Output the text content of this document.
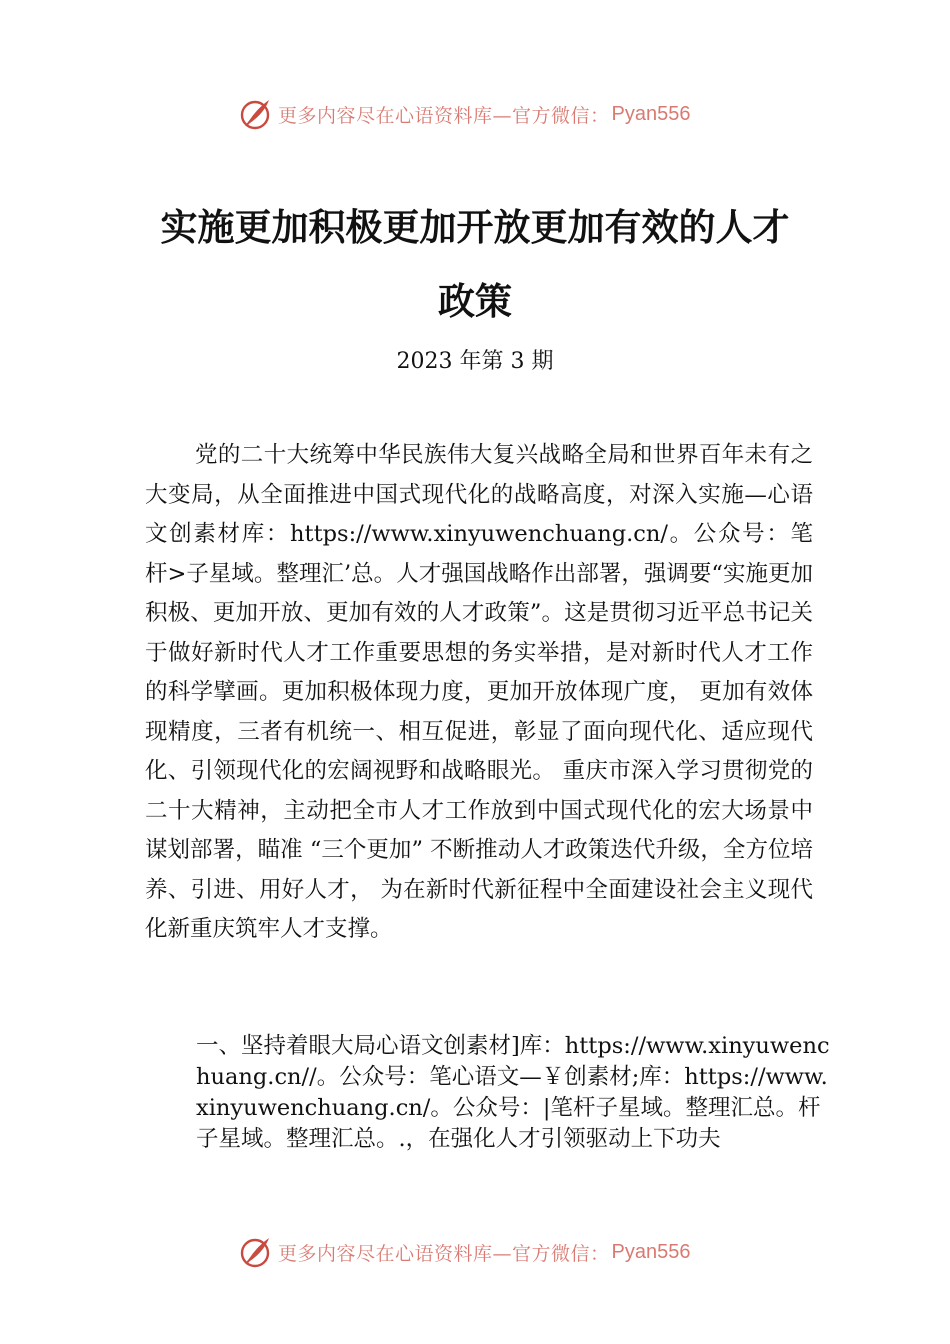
更多内容尽在心语资料库—官方微信： Pyan556
实施更加积极更加开放更加有效的人才政策
2023 年第 3 期

党的二十大统筹中华民族伟大复兴战略全局和世界百年未有之大变局，从全面推进中国式现代化的战略高度，对深入实施—心语文创素材库：https://www.xinyuwenchuang.cn/。公众号：笔杆>子星域。整理汇’总。人才强国战略作出部署，强调要“实施更加积极、更加开放、更加有效的人才政策”。这是贯彻习近平总书记关于做好新时代人才工作重要思想的务实举措，是对新时代人才工作的科学擘画。更加积极体现力度，更加开放体现广度， 更加有效体现精度，三者有机统一、相互促进，彰显了面向现代化、适应现代化、引领现代化的宏阔视野和战略眼光。 重庆市深入学习贯彻党的二十大精神，主动把全市人才工作放到中国式现代化的宏大场景中谋划部署，瞄准 “三个更加” 不断推动人才政策迭代升级，全方位培养、引进、用好人才， 为在新时代新征程中全面建设社会主义现代化新重庆筑牢人才支撑。

一、坚持着眼大局心语文创素材]库：https://www.xinyuwenchuang.cn//。公众号：笔心语文—￥创素材;库：https://www.xinyuwenchuang.cn/。公众号：|笔杆子星域。整理汇总。杆子星域。整理汇总。.，在强化人才引领驱动上下功夫

更多内容尽在心语资料库—官方微信： Pyan556
